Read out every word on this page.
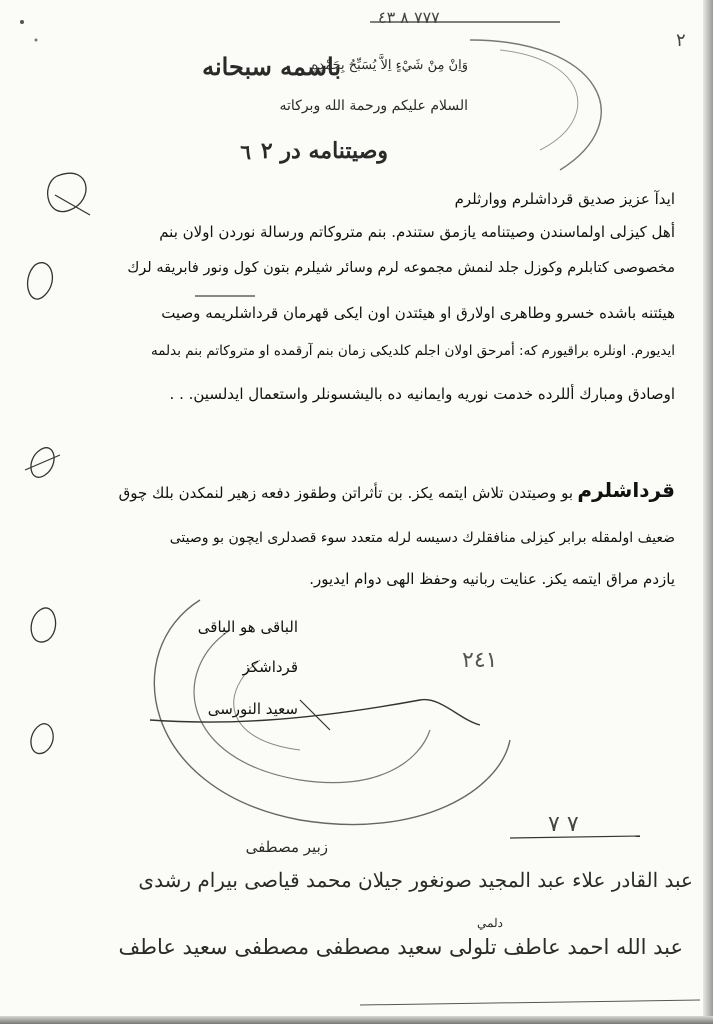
٧٧٧ ٨ ٤٣
٢
باسمه سبحانه
وَاِنْ مِنْ شَيْءٍ اِلاَّ يُسَبِّحُ بِحَمْدِهِ
السلام عليكم ورحمة الله وبركاته
وصيتنامه در ٢
٦
ايدآ عزيز صديق قرداشلرم ووارثلرم
أهل كيزلى اولماسندن وصيتنامه يازمق ستندم. بنم متروكاتم ورسالة نوردن اولان بنم
مخصوصى كتابلرم وكوزل جلد لنمش مجموعه لرم وسائر شيلرم بتون كول ونور فابريقه لرك
هيئتنه باشده خسرو وطاهرى اولارق او هيئتدن اون ايكى قهرمان قرداشلريمه وصيت
ايديورم. اونلره براقيورم كه: أمرحق اولان اجلم كلديكى زمان بنم آرقمده او متروكاتم بنم بدلمه
اوصادق ومبارك أللرده خدمت نوريه وايمانيه ده باليشسونلر واستعمال ايدلسين. . .
قرداشلرم
بو وصيتدن تلاش ايتمه يكز. بن تأثراتن وطقوز دفعه زهير لنمكدن بلك چوق
ضعيف اولمقله برابر كيزلى منافقلرك دسيسه لرله متعدد سوء قصدلرى ايچون بو وصيتى
يازدم مراق ايتمه يكز. عنايت ربانيه وحفظ الهى دوام ايديور.
الباقى هو الباقى
قرداشكز
سعيد النورسى
٢٤١
٧ ٧
زبير مصطفى
عبد القادر علاء عبد المجيد صونغور جيلان محمد قياصى بيرام رشدى
دلمي
عبد الله احمد عاطف تلولى سعيد مصطفى مصطفى سعيد عاطف
